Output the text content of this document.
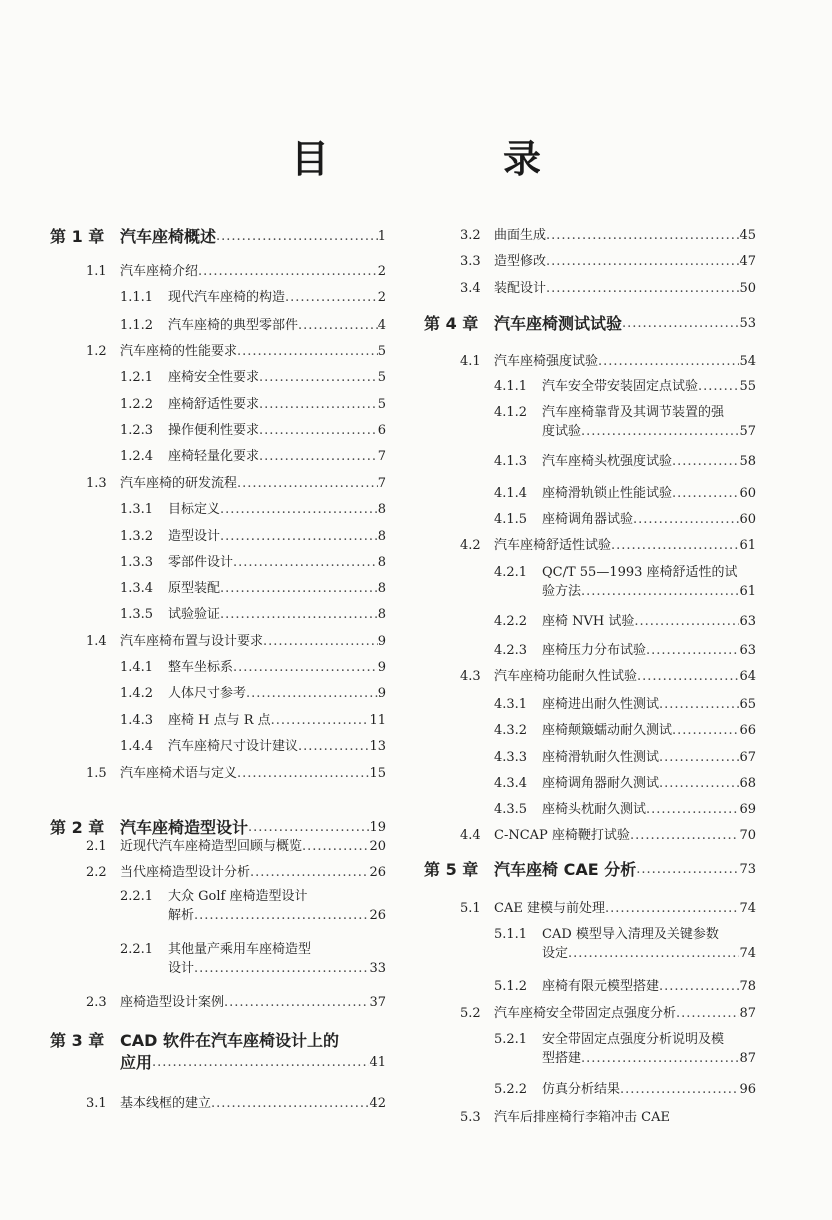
目　录
第 1 章 汽车座椅概述 .....	1
1.1	汽车座椅介绍 .....	2
1.1.1	现代汽车座椅的构造 .....	2
1.1.2	汽车座椅的典型零部件 .....	4
1.2	汽车座椅的性能要求 .....	5
1.2.1	座椅安全性要求 .....	5
1.2.2	座椅舒适性要求 .....	5
1.2.3	操作便利性要求 .....	6
1.2.4	座椅轻量化要求 .....	7
1.3	汽车座椅的研发流程 .....	7
1.3.1	目标定义 .....	8
1.3.2	造型设计 .....	8
1.3.3	零部件设计 .....	8
1.3.4	原型装配 .....	8
1.3.5	试验验证 .....	8
1.4	汽车座椅布置与设计要求 .....	9
1.4.1	整车坐标系 .....	9
1.4.2	人体尺寸参考 .....	9
1.4.3	座椅 H 点与 R 点 .....	11
1.4.4	汽车座椅尺寸设计建议 .....	13
1.5	汽车座椅术语与定义 .....	15
第 2 章 汽车座椅造型设计 .....	19
2.1	近现代汽车座椅造型回顾与概览 .....	20
2.2	当代座椅造型设计分析 .....	26
2.2.1	大众 Golf 座椅造型设计
解析 .....	26
2.2.1	其他量产乘用车座椅造型
设计 .....	33
2.3	座椅造型设计案例 .....	37
第 3 章 CAD 软件在汽车座椅设计上的
应用 .....	41
3.1	基本线框的建立 .....	42
3.2	曲面生成 .....	45
3.3	造型修改 .....	47
3.4	装配设计 .....	50
第 4 章 汽车座椅测试试验 .....	53
4.1	汽车座椅强度试验 .....	54
4.1.1	汽车安全带安装固定点试验 .....	55
4.1.2	汽车座椅靠背及其调节装置的强
度试验 .....	57
4.1.3	汽车座椅头枕强度试验 .....	58
4.1.4	座椅滑轨锁止性能试验 .....	60
4.1.5	座椅调角器试验 .....	60
4.2	汽车座椅舒适性试验 .....	61
4.2.1	QC/T 55—1993 座椅舒适性的试
验方法 .....	61
4.2.2	座椅 NVH 试验 .....	63
4.2.3	座椅压力分布试验 .....	63
4.3	汽车座椅功能耐久性试验 .....	64
4.3.1	座椅进出耐久性测试 .....	65
4.3.2	座椅颠簸蠕动耐久测试 .....	66
4.3.3	座椅滑轨耐久性测试 .....	67
4.3.4	座椅调角器耐久测试 .....	68
4.3.5	座椅头枕耐久测试 .....	69
4.4	C-NCAP 座椅鞭打试验 .....	70
第 5 章 汽车座椅 CAE 分析 .....	73
5.1	CAE 建模与前处理 .....	74
5.1.1	CAD 模型导入清理及关键参数
设定 .....	74
5.1.2	座椅有限元模型搭建 .....	78
5.2	汽车座椅安全带固定点强度分析 .....	87
5.2.1	安全带固定点强度分析说明及模
型搭建 .....	87
5.2.2	仿真分析结果 .....	96
5.3	汽车后排座椅行李箱冲击 CAE
